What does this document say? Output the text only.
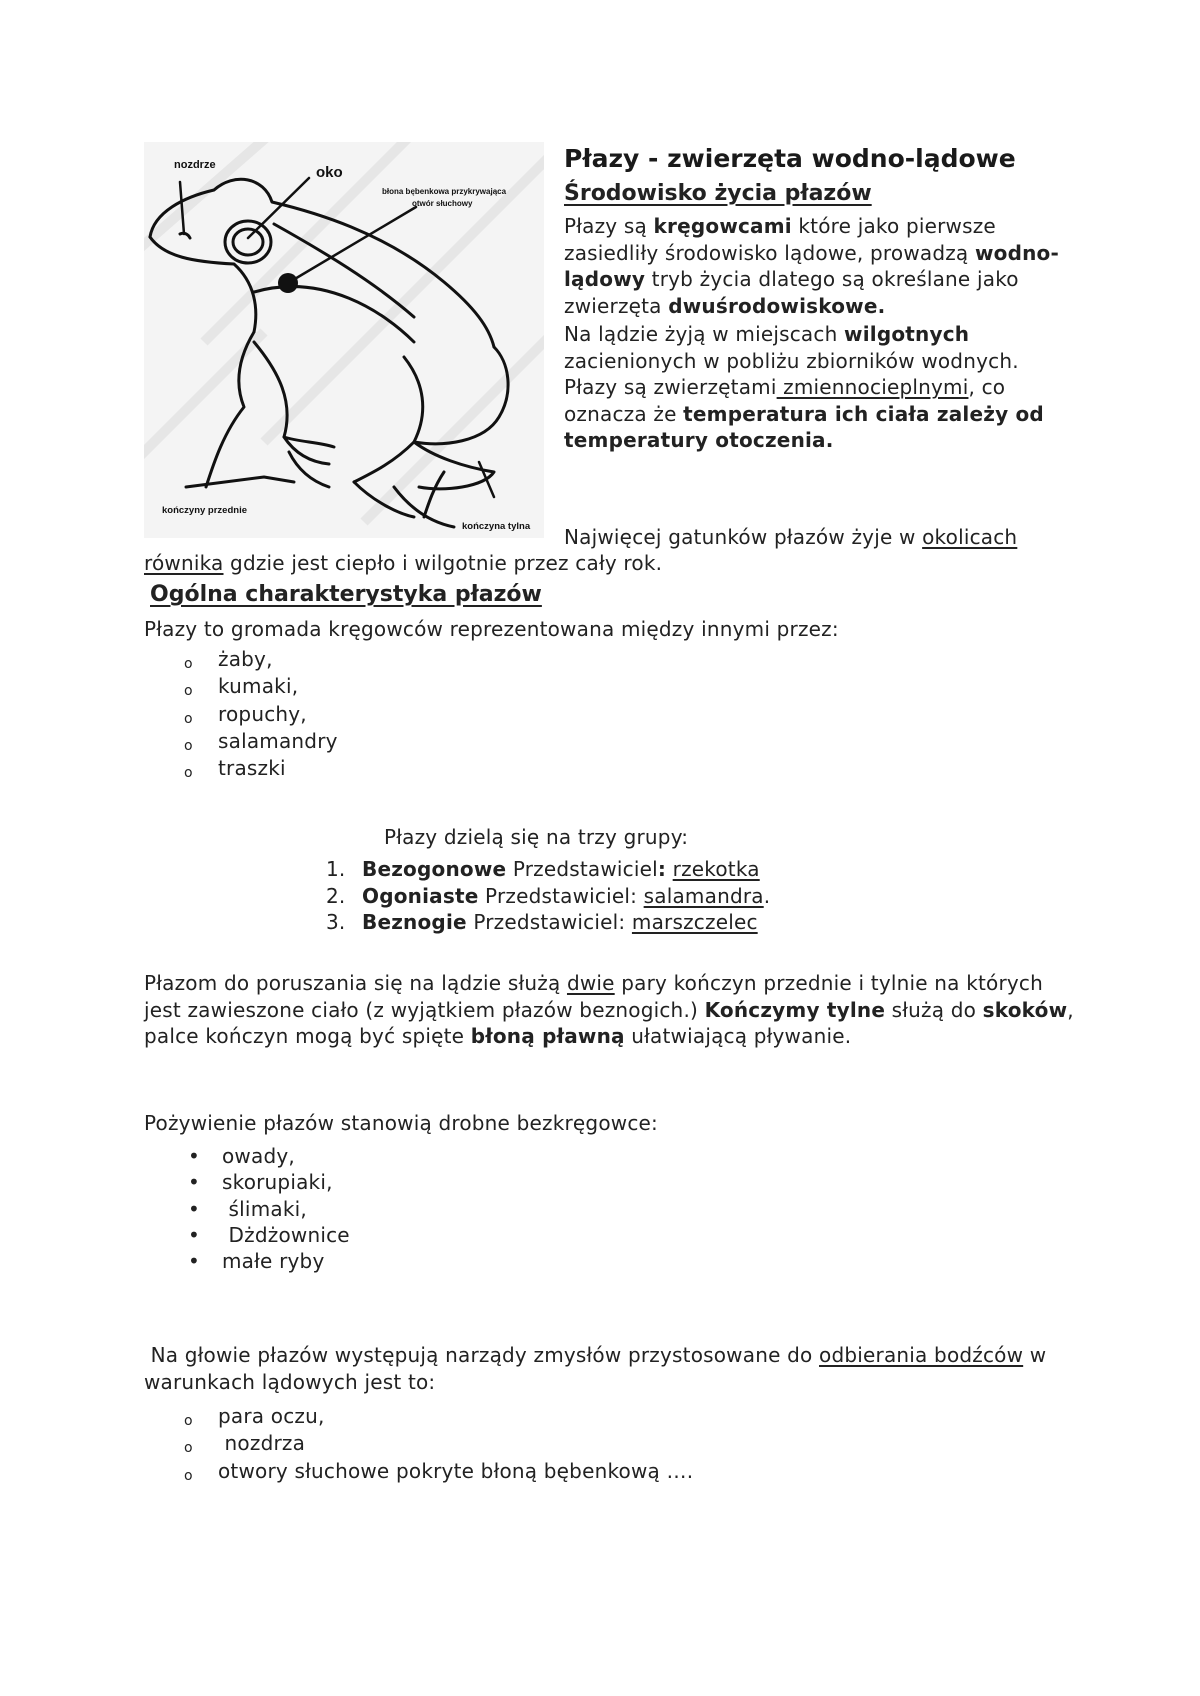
nozdrze	oko
błona bębenkowa przykrywająca
otwór słuchowy
kończyny przednie
kończyna tylna
Płazy - zwierzęta wodno-lądowe
Środowisko życia płazów

Płazy są kręgowcami które jako pierwsze zasiedliły środowisko lądowe, prowadzą wodno-lądowy tryb życia dlatego są określane jako zwierzęta dwuśrodowiskowe.

Na lądzie żyją w miejscach wilgotnych zacienionych w pobliżu zbiorników wodnych. Płazy są zwierzętami zmiennocieplnymi, co oznacza że temperatura ich ciała zależy od temperatury otoczenia.

Najwięcej gatunków płazów żyje w okolicach
równika gdzie jest ciepło i wilgotnie przez cały rok.
Ogólna charakterystyka płazów
Płazy to gromada kręgowców reprezentowana między innymi przez:
o żaby,
o kumaki,
o ropuchy,
o salamandry
o traszki
Płazy dzielą się na trzy grupy:
1. Bezogonowe Przedstawiciel: rzekotka
2. Ogoniaste Przedstawiciel: salamandra.
3. Beznogie Przedstawiciel: marszczelec

Płazom do poruszania się na lądzie służą dwie pary kończyn przednie i tylnie na których jest zawieszone ciało (z wyjątkiem płazów beznogich.) Kończymy tylne służą do skoków, palce kończyn mogą być spięte błoną pławną ułatwiającą pływanie.

Pożywienie płazów stanowią drobne bezkręgowce:
• owady,
• skorupiaki,
• ślimaki,
• Dżdżownice
• małe ryby

Na głowie płazów występują narządy zmysłów przystosowane do odbierania bodźców w warunkach lądowych jest to:

o para oczu,
o nozdrza
o otwory słuchowe pokryte błoną bębenkową ….
